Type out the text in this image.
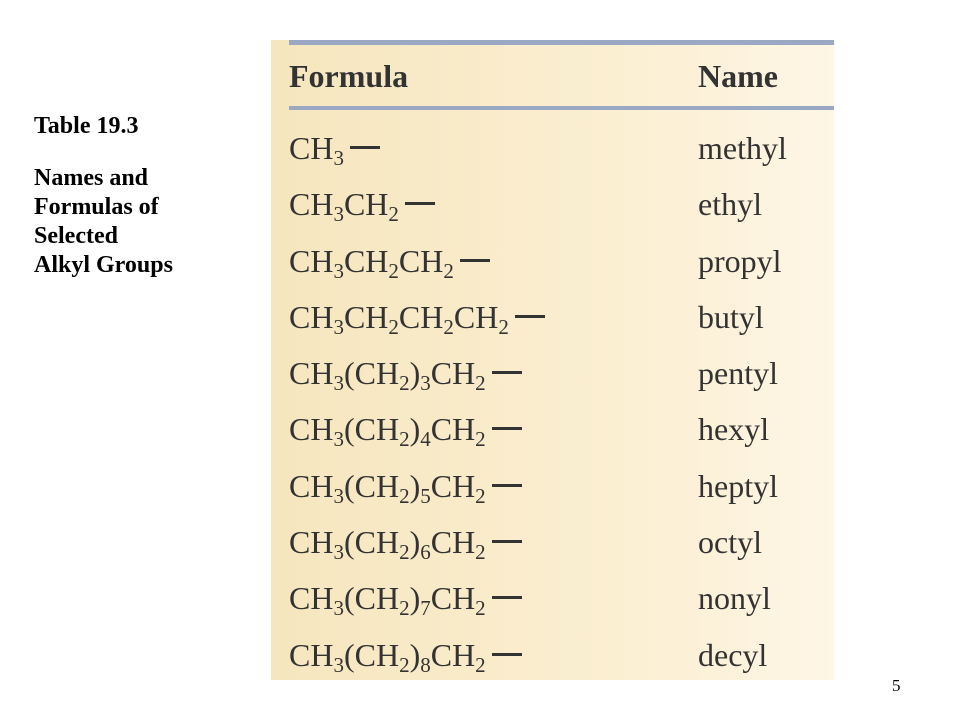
Table 19.3
Names and
Formulas of
Selected
Alkyl Groups
Formula	Name
$CH_3$	methyl
$CH_3CH_2$	ethyl
$CH_3CH_2CH_2$	propyl
$CH_3CH_2CH_2CH_2$	butyl
$CH_3(CH_2)_3CH_2$	pentyl
$CH_3(CH_2)_4CH_2$	hexyl
$CH_3(CH_2)_5CH_2$	heptyl
$CH_3(CH_2)_6CH_2$	octyl
$CH_3(CH_2)_7CH_2$	nonyl
$CH_3(CH_2)_8CH_2$	decyl
5
